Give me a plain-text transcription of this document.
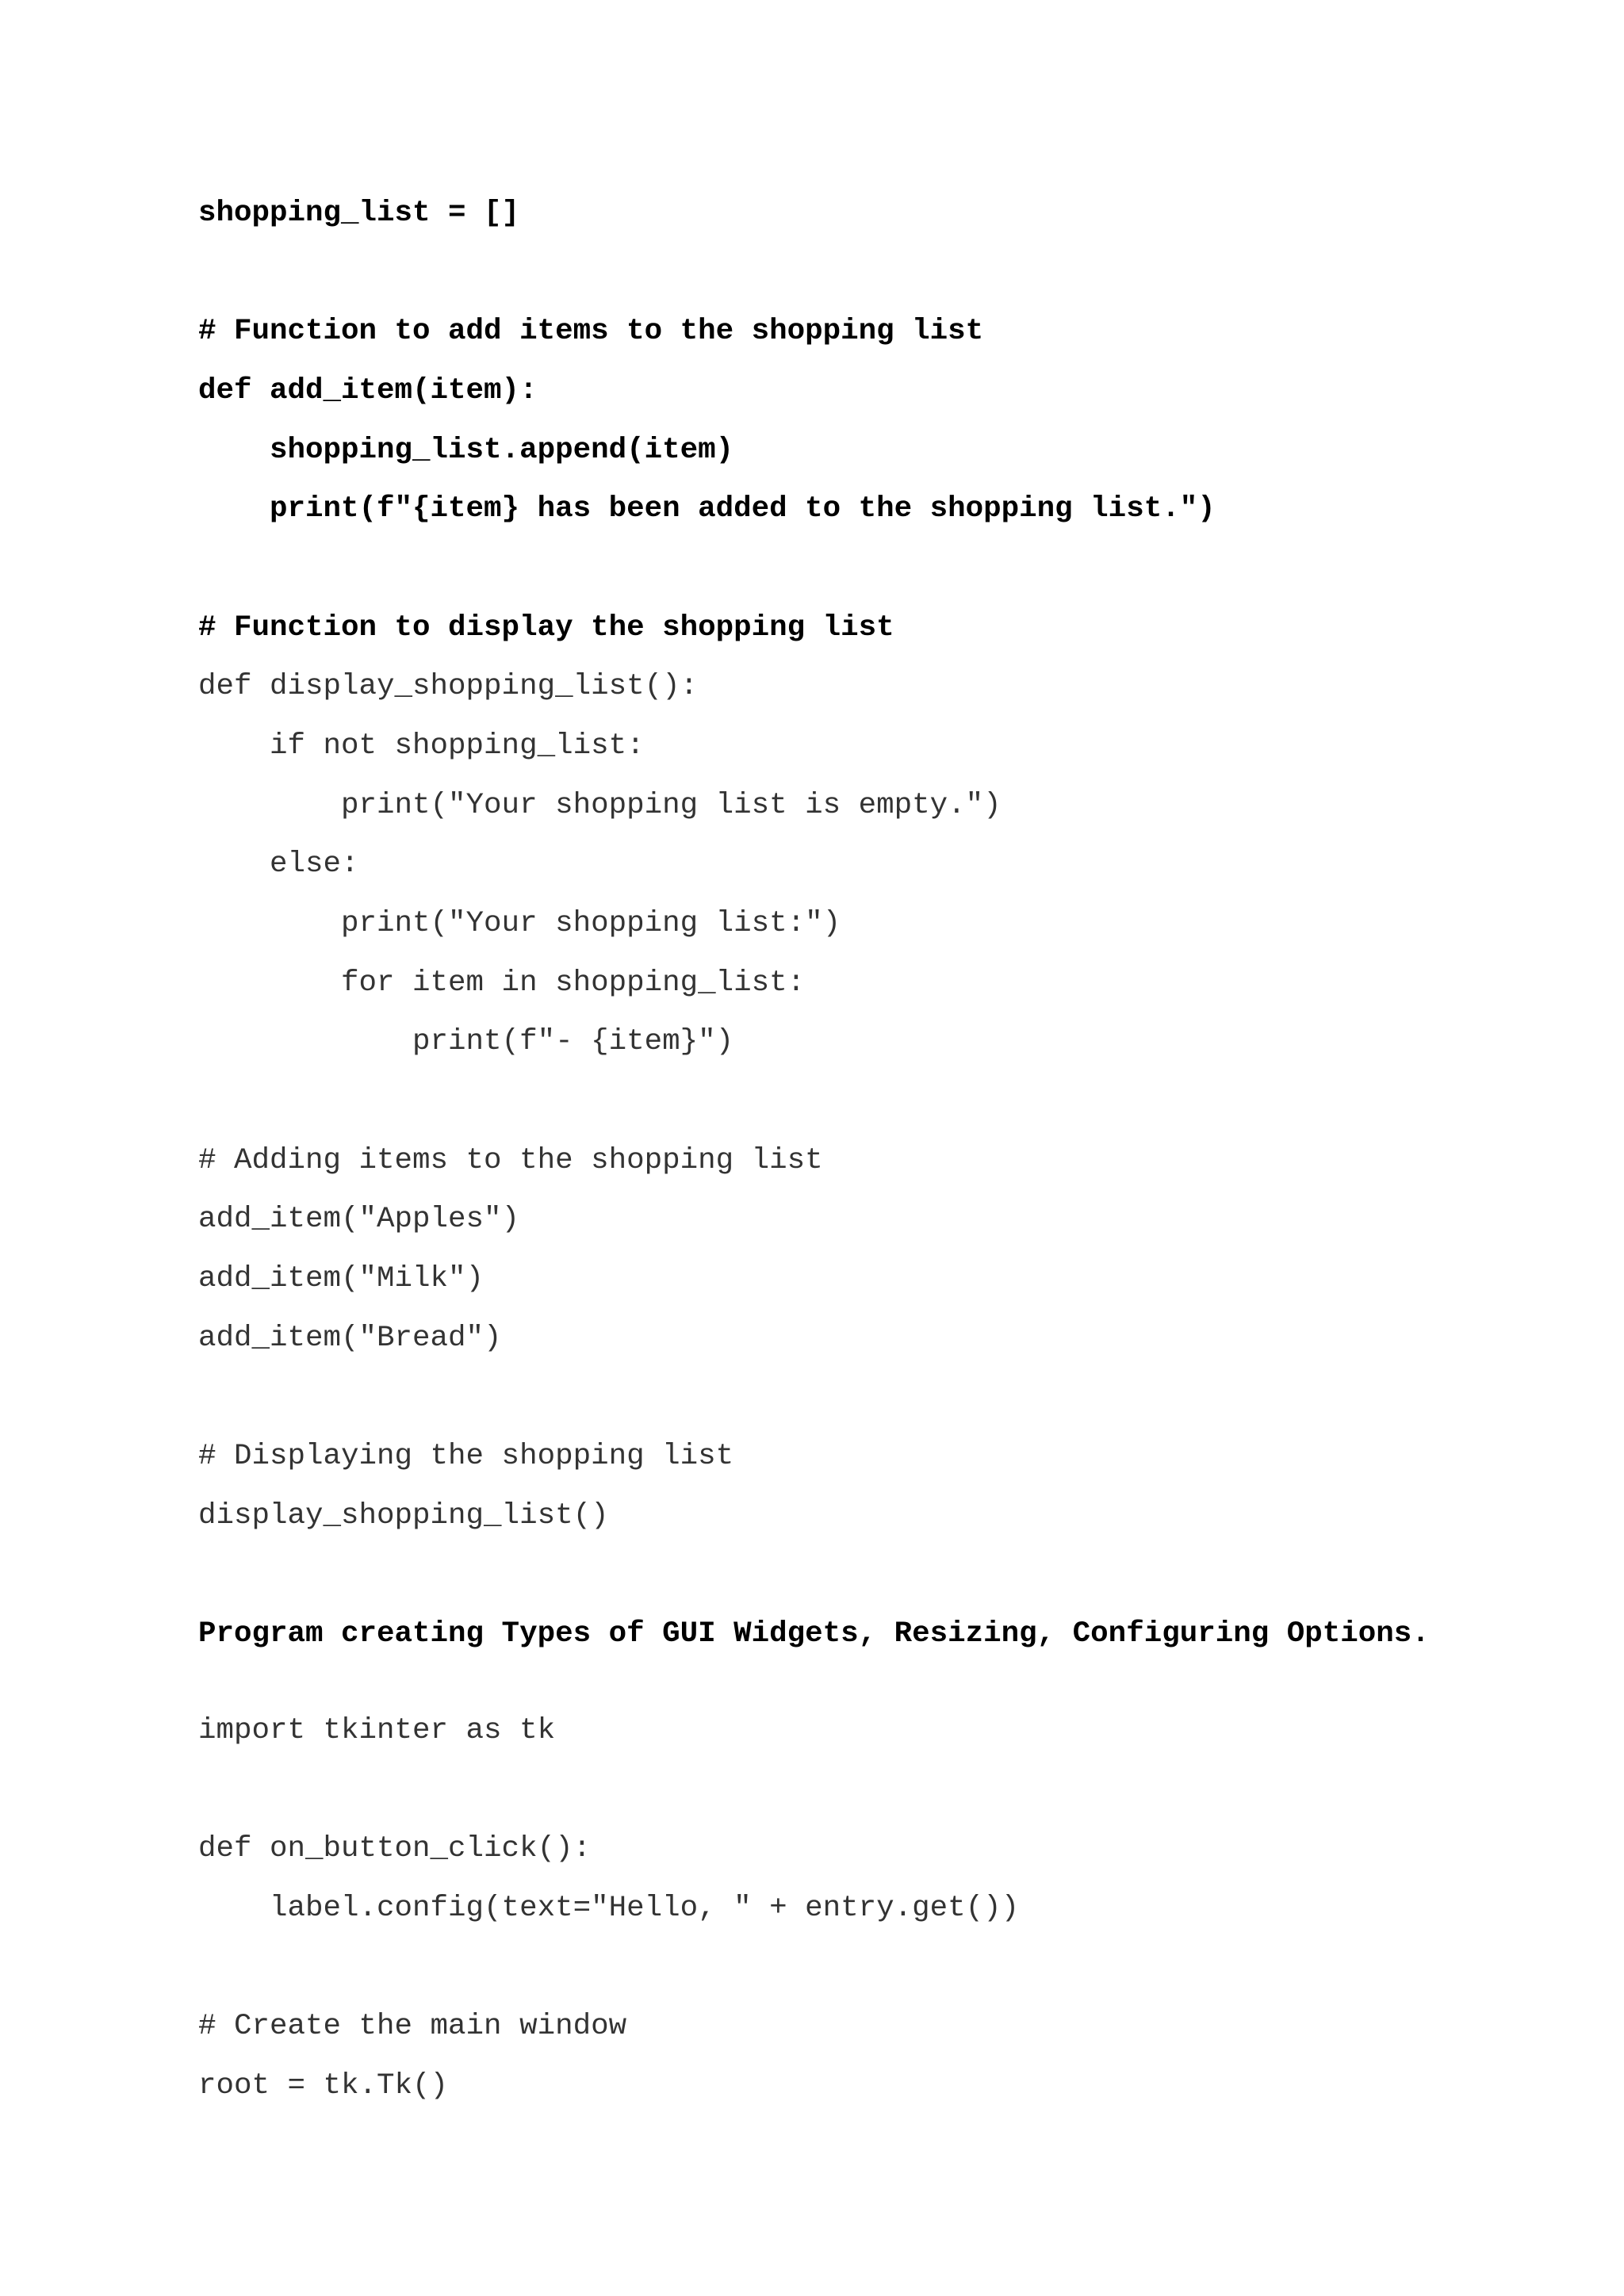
shopping_list = []
# Function to add items to the shopping list
def add_item(item):
shopping_list.append(item)
print(f"{item} has been added to the shopping list.")
# Function to display the shopping list
def display_shopping_list():
if not shopping_list:
print("Your shopping list is empty.")
else:
print("Your shopping list:")
for item in shopping_list:
print(f"- {item}")
# Adding items to the shopping list
add_item("Apples")
add_item("Milk")
add_item("Bread")
# Displaying the shopping list
display_shopping_list()
Program creating Types of GUI Widgets, Resizing, Configuring Options.
import tkinter as tk
def on_button_click():
label.config(text="Hello, " + entry.get())
# Create the main window
root = tk.Tk()
